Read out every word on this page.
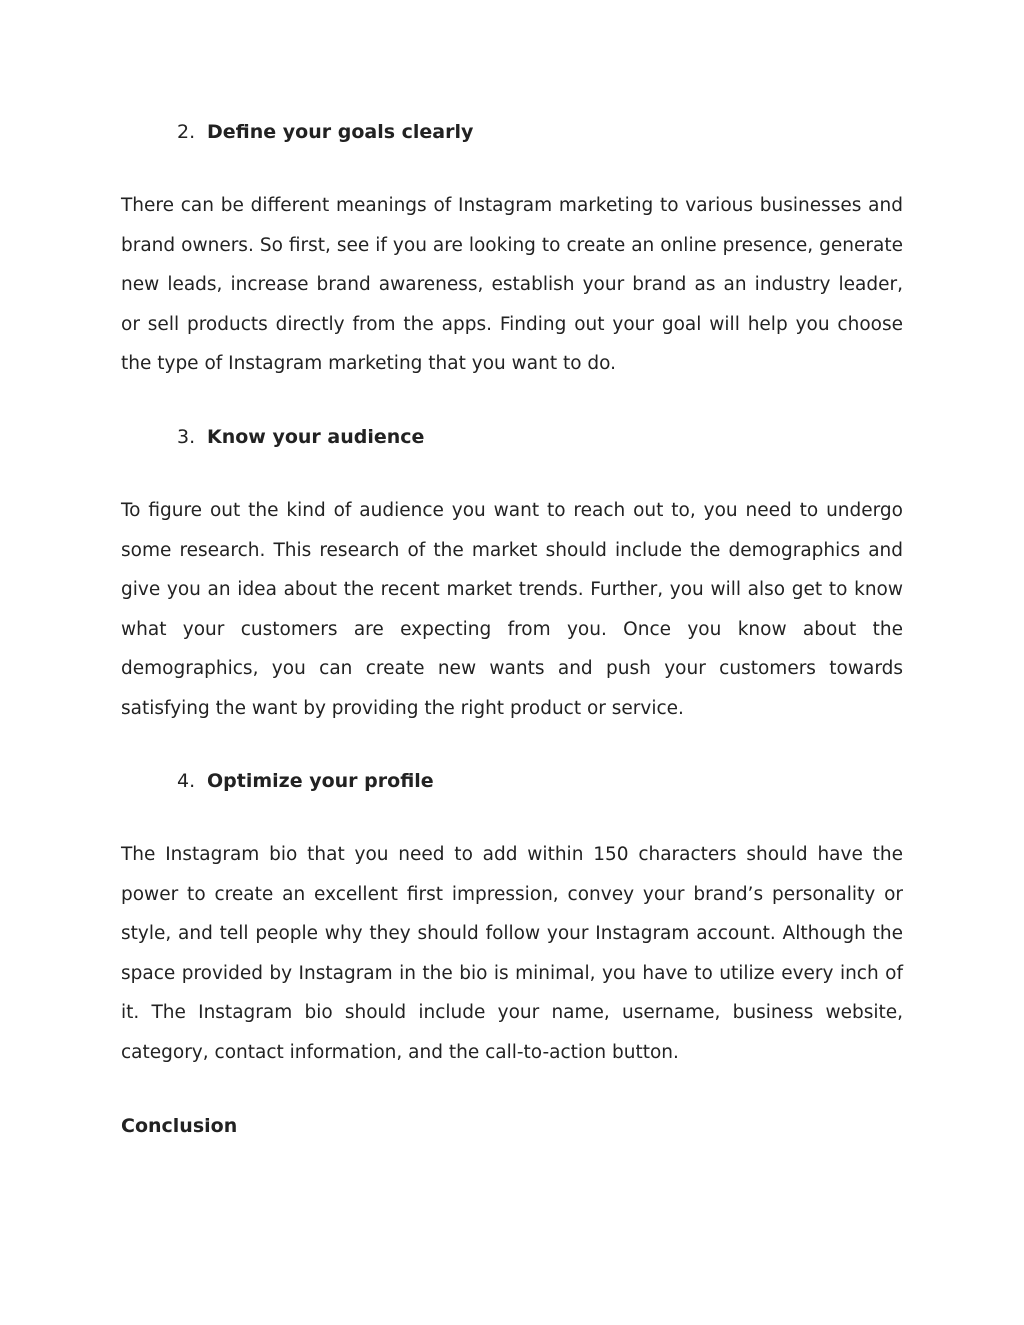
2. Define your goals clearly

There can be different meanings of Instagram marketing to various businesses and brand owners. So first, see if you are looking to create an online presence, generate new leads, increase brand awareness, establish your brand as an industry leader, or sell products directly from the apps. Finding out your goal will help you choose the type of Instagram marketing that you want to do.

3. Know your audience

To figure out the kind of audience you want to reach out to, you need to undergo some research. This research of the market should include the demographics and give you an idea about the recent market trends. Further, you will also get to know what your customers are expecting from you. Once you know about the demographics, you can create new wants and push your customers towards satisfying the want by providing the right product or service.

4. Optimize your profile

The Instagram bio that you need to add within 150 characters should have the power to create an excellent first impression, convey your brand’s personality or style, and tell people why they should follow your Instagram account. Although the space provided by Instagram in the bio is minimal, you have to utilize every inch of it. The Instagram bio should include your name, username, business website, category, contact information, and the call-to-action button.

Conclusion
